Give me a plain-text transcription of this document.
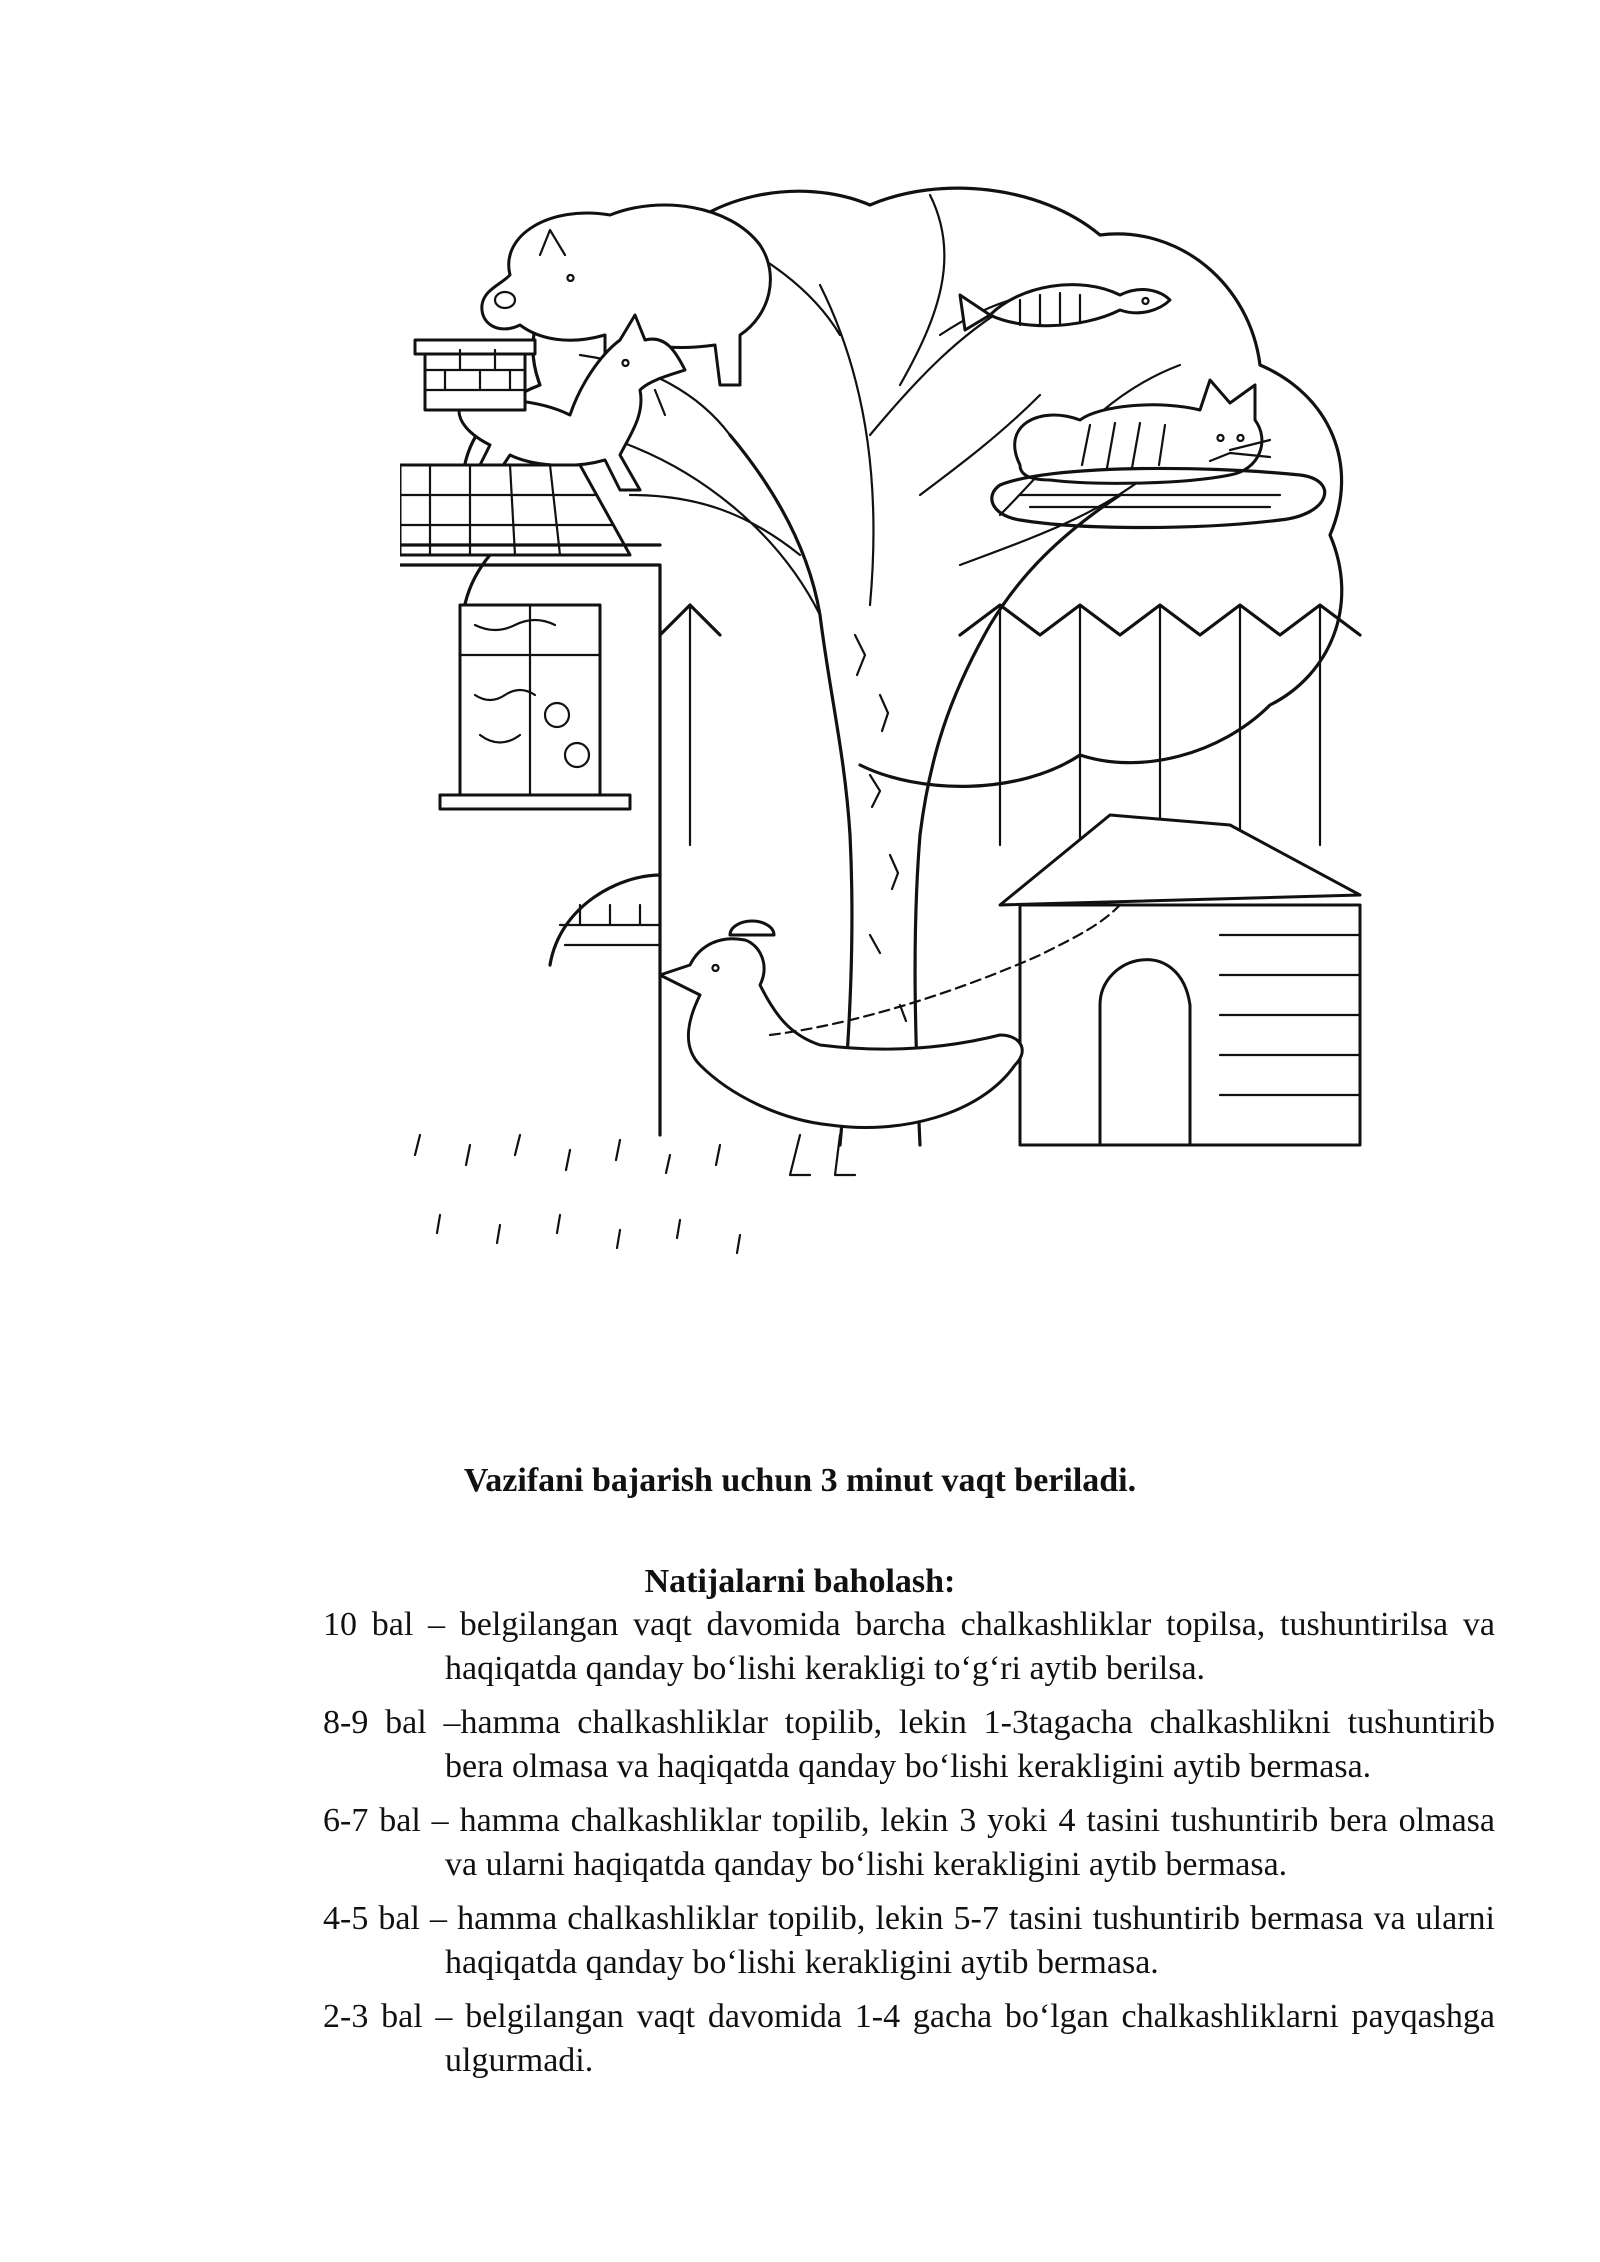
Vazifani bajarish uchun 3 minut vaqt beriladi.
Natijalarni baholash:
10 bal – belgilangan vaqt davomida barcha chalkashliklar topilsa, tushuntirilsa va haqiqatda qanday bo‘lishi kerakligi to‘g‘ri aytib berilsa.
8-9 bal –hamma chalkashliklar topilib, lekin 1-3tagacha chalkashlikni tushuntirib bera olmasa va haqiqatda qanday bo‘lishi kerakligini aytib bermasa.
6-7 bal – hamma chalkashliklar topilib, lekin 3 yoki 4 tasini tushuntirib bera olmasa va ularni haqiqatda qanday bo‘lishi kerakligini aytib bermasa.
4-5 bal – hamma chalkashliklar topilib, lekin 5-7 tasini tushuntirib bermasa va ularni haqiqatda qanday bo‘lishi kerakligini aytib bermasa.
2-3 bal – belgilangan vaqt davomida 1-4 gacha bo‘lgan chalkashliklarni payqashga ulgurmadi.
